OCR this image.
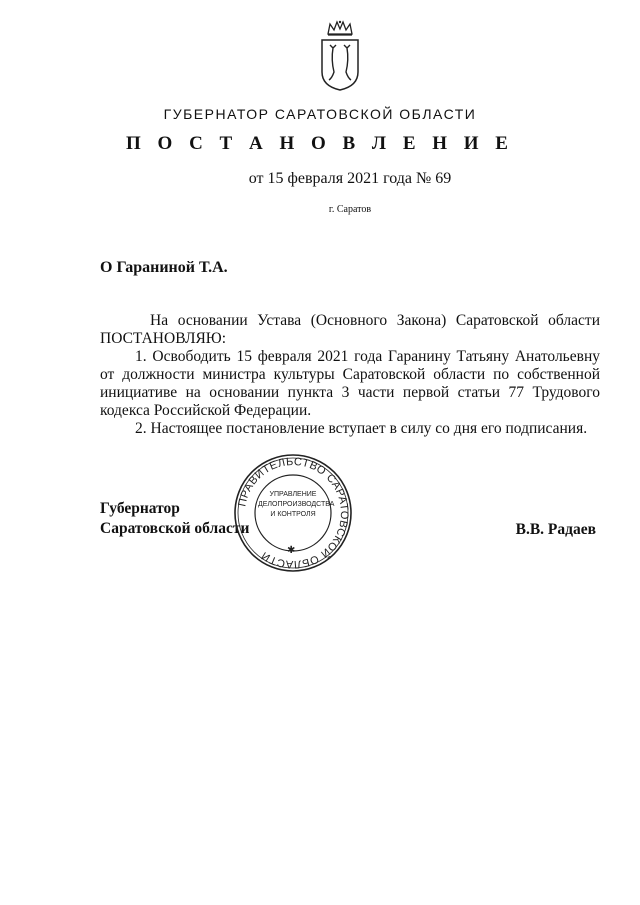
ГУБЕРНАТОР САРАТОВСКОЙ ОБЛАСТИ
П О С Т А Н О В Л Е Н И Е
от 15 февраля 2021 года № 69
г. Саратов
О Гараниной Т.А.

На основании Устава (Основного Закона) Саратовской области ПОСТАНОВЛЯЮ:

1. Освободить 15 февраля 2021 года Гаранину Татьяну Анатольевну от должности министра культуры Саратовской области по собственной инициативе на основании пункта 3 части первой статьи 77 Трудового кодекса Российской Федерации.

2. Настоящее постановление вступает в силу со дня его подписания.

Губернатор
Саратовской области
ПРАВИТЕЛЬСТВО САРАТОВСКОЙ ОБЛАСТИ
УПРАВЛЕНИЕ
ДЕЛОПРОИЗВОДСТВА
И КОНТРОЛЯ
✱
В.В. Радаев
